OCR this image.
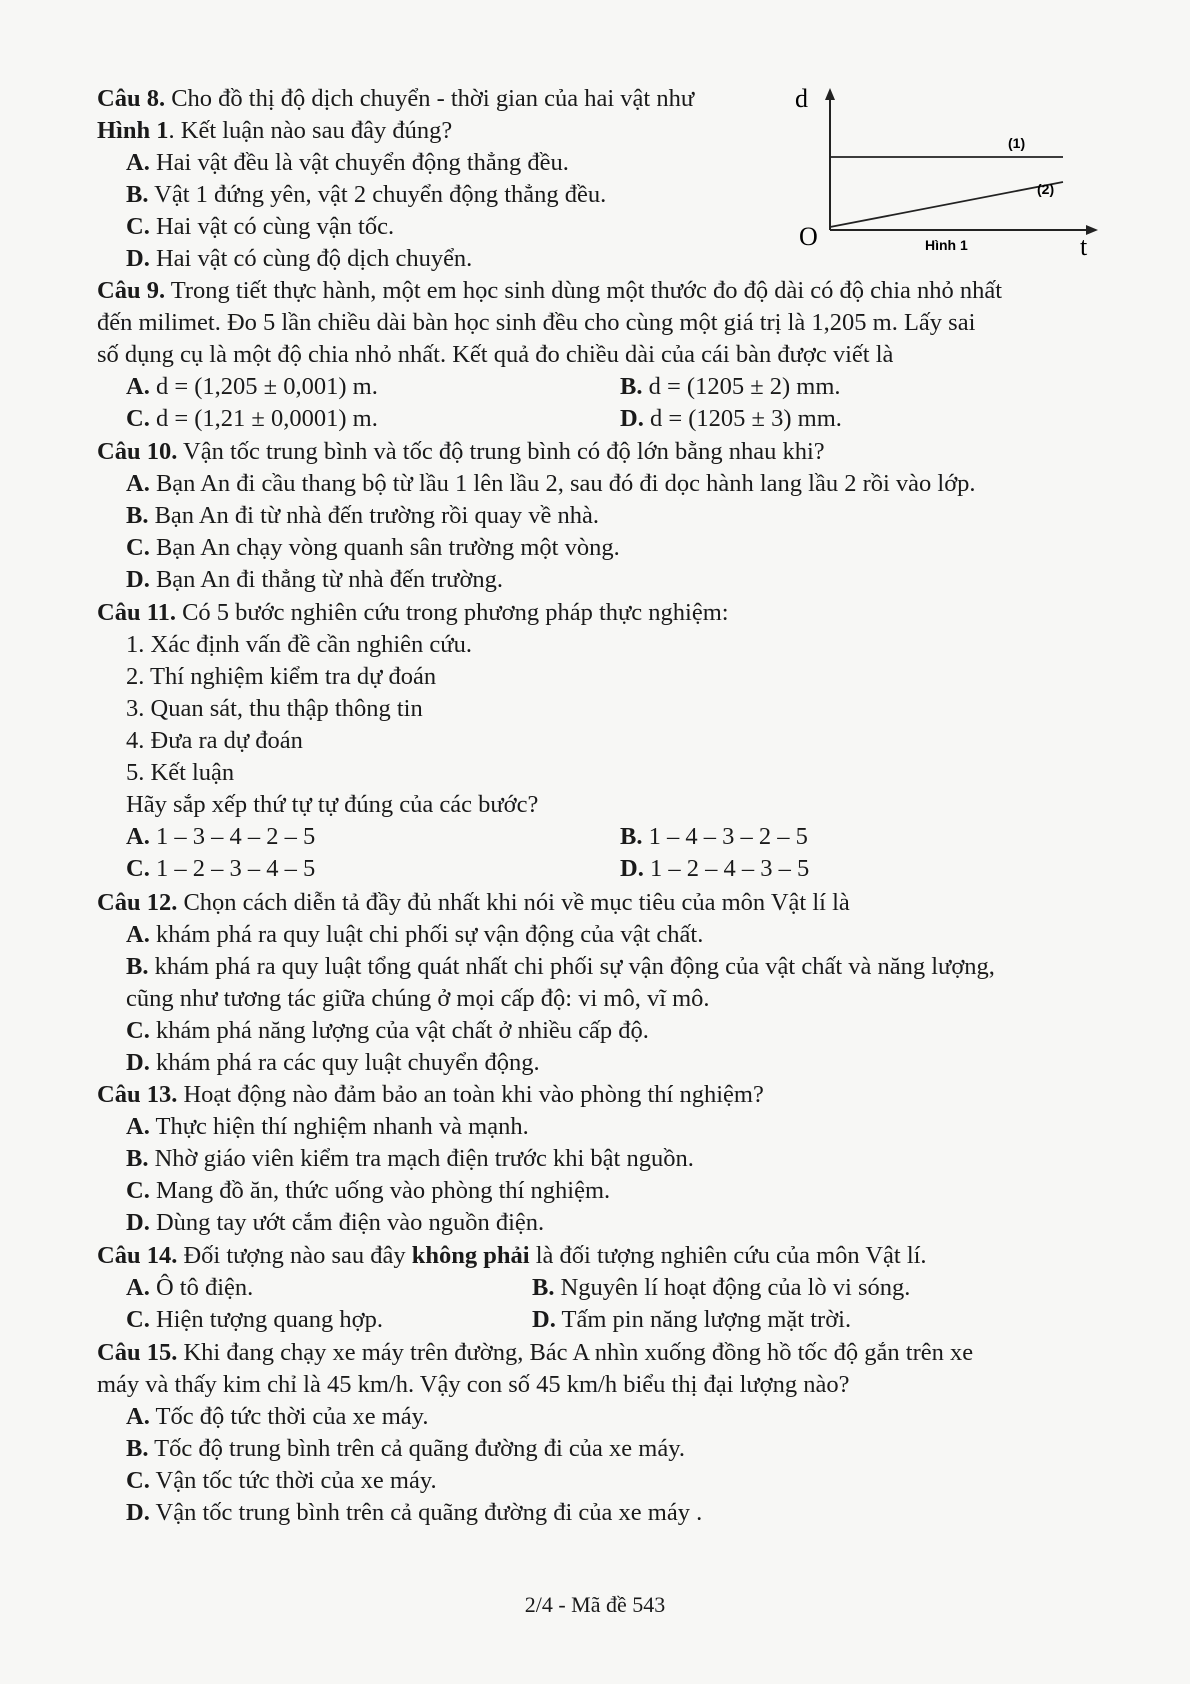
Câu 8. Cho đồ thị độ dịch chuyển - thời gian của hai vật như
Hình 1. Kết luận nào sau đây đúng?
A. Hai vật đều là vật chuyển động thẳng đều.
B. Vật 1 đứng yên, vật 2 chuyển động thẳng đều.
C. Hai vật có cùng vận tốc.
D. Hai vật có cùng độ dịch chuyển.
d
t
O
(1)
(2)
Hình 1
Câu 9. Trong tiết thực hành, một em học sinh dùng một thước đo độ dài có độ chia nhỏ nhất
đến milimet. Đo 5 lần chiều dài bàn học sinh đều cho cùng một giá trị là 1,205 m. Lấy sai
số dụng cụ là một độ chia nhỏ nhất. Kết quả đo chiều dài của cái bàn được viết là
A. d = (1,205 ± 0,001) m.	B. d = (1205 ± 2) mm.
C. d = (1,21 ± 0,0001) m.	D. d = (1205 ± 3) mm.
Câu 10. Vận tốc trung bình và tốc độ trung bình có độ lớn bằng nhau khi?
A. Bạn An đi cầu thang bộ từ lầu 1 lên lầu 2, sau đó đi dọc hành lang lầu 2 rồi vào lớp.
B. Bạn An đi từ nhà đến trường rồi quay về nhà.
C. Bạn An chạy vòng quanh sân trường một vòng.
D. Bạn An đi thẳng từ nhà đến trường.
Câu 11. Có 5 bước nghiên cứu trong phương pháp thực nghiệm:
1. Xác định vấn đề cần nghiên cứu.
2. Thí nghiệm kiểm tra dự đoán
3. Quan sát, thu thập thông tin
4. Đưa ra dự đoán
5. Kết luận
Hãy sắp xếp thứ tự tự đúng của các bước?
A. 1 – 3 – 4 – 2 – 5	B. 1 – 4 – 3 – 2 – 5
C. 1 – 2 – 3 – 4 – 5	D. 1 – 2 – 4 – 3 – 5
Câu 12. Chọn cách diễn tả đầy đủ nhất khi nói về mục tiêu của môn Vật lí là
A. khám phá ra quy luật chi phối sự vận động của vật chất.
B. khám phá ra quy luật tổng quát nhất chi phối sự vận động của vật chất và năng lượng,
cũng như tương tác giữa chúng ở mọi cấp độ: vi mô, vĩ mô.
C. khám phá năng lượng của vật chất ở nhiều cấp độ.
D. khám phá ra các quy luật chuyển động.
Câu 13. Hoạt động nào đảm bảo an toàn khi vào phòng thí nghiệm?
A. Thực hiện thí nghiệm nhanh và mạnh.
B. Nhờ giáo viên kiểm tra mạch điện trước khi bật nguồn.
C. Mang đồ ăn, thức uống vào phòng thí nghiệm.
D. Dùng tay ướt cắm điện vào nguồn điện.
Câu 14. Đối tượng nào sau đây không phải là đối tượng nghiên cứu của môn Vật lí.
A. Ô tô điện.	B. Nguyên lí hoạt động của lò vi sóng.
C. Hiện tượng quang hợp.	D. Tấm pin năng lượng mặt trời.
Câu 15. Khi đang chạy xe máy trên đường, Bác A nhìn xuống đồng hồ tốc độ gắn trên xe
máy và thấy kim chỉ là 45 km/h. Vậy con số 45 km/h biểu thị đại lượng nào?
A. Tốc độ tức thời của xe máy.
B. Tốc độ trung bình trên cả quãng đường đi của xe máy.
C. Vận tốc tức thời của xe máy.
D. Vận tốc trung bình trên cả quãng đường đi của xe máy .
2/4 - Mã đề 543
